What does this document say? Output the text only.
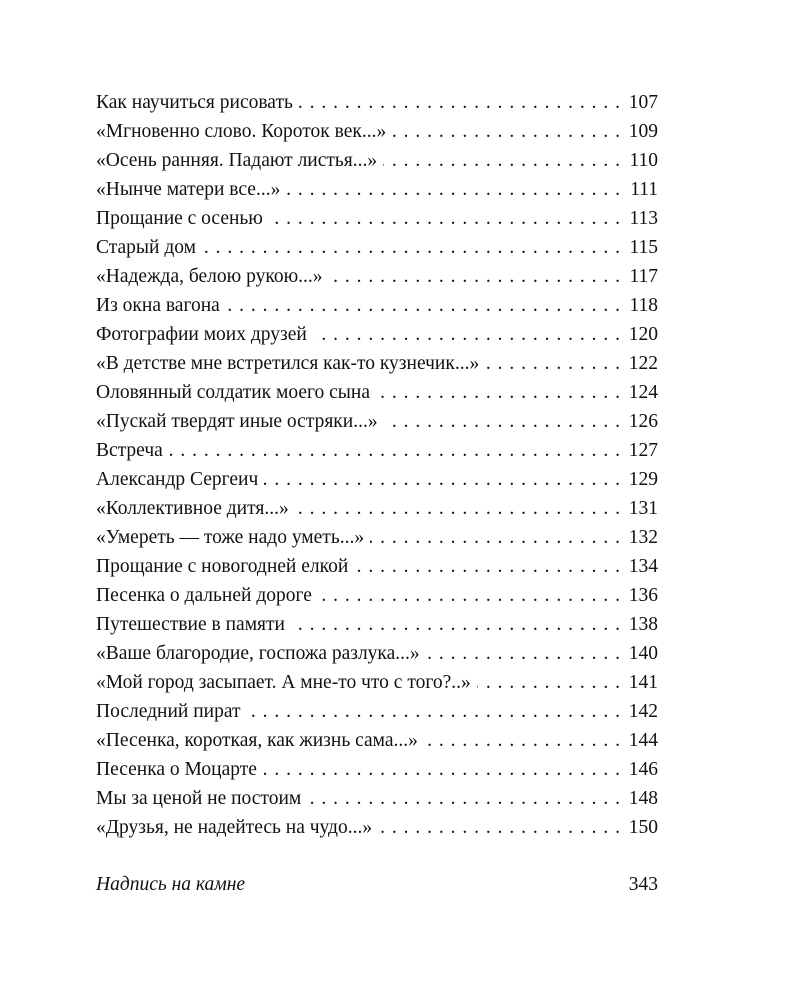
Как научиться рисовать . . .	107
«Мгновенно слово. Короток век...» . . .	109
«Осень ранняя. Падают листья...» . . .	110
«Нынче матери все...» . . .	111
Прощание с осенью . . .	113
Старый дом . . .	115
«Надежда, белою рукою...» . . .	117
Из окна вагона . . .	118
Фотографии моих друзей . . .	120
«В детстве мне встретился как-то кузнечик...» . . .	122
Оловянный солдатик моего сына . . .	124
«Пускай твердят иные остряки...» . . .	126
Встреча . . .	127
Александр Сергеич . . .	129
«Коллективное дитя...» . . .	131
«Умереть — тоже надо уметь...» . . .	132
Прощание с новогодней елкой . . .	134
Песенка о дальней дороге . . .	136
Путешествие в памяти . . .	138
«Ваше благородие, госпожа разлука...» . . .	140
«Мой город засыпает. А мне-то что с того?..» . . .	141
Последний пират . . .	142
«Песенка, короткая, как жизнь сама...» . . .	144
Песенка о Моцарте . . .	146
Мы за ценой не постоим . . .	148
«Друзья, не надейтесь на чудо...» . . .	150
Надпись на камне	343
